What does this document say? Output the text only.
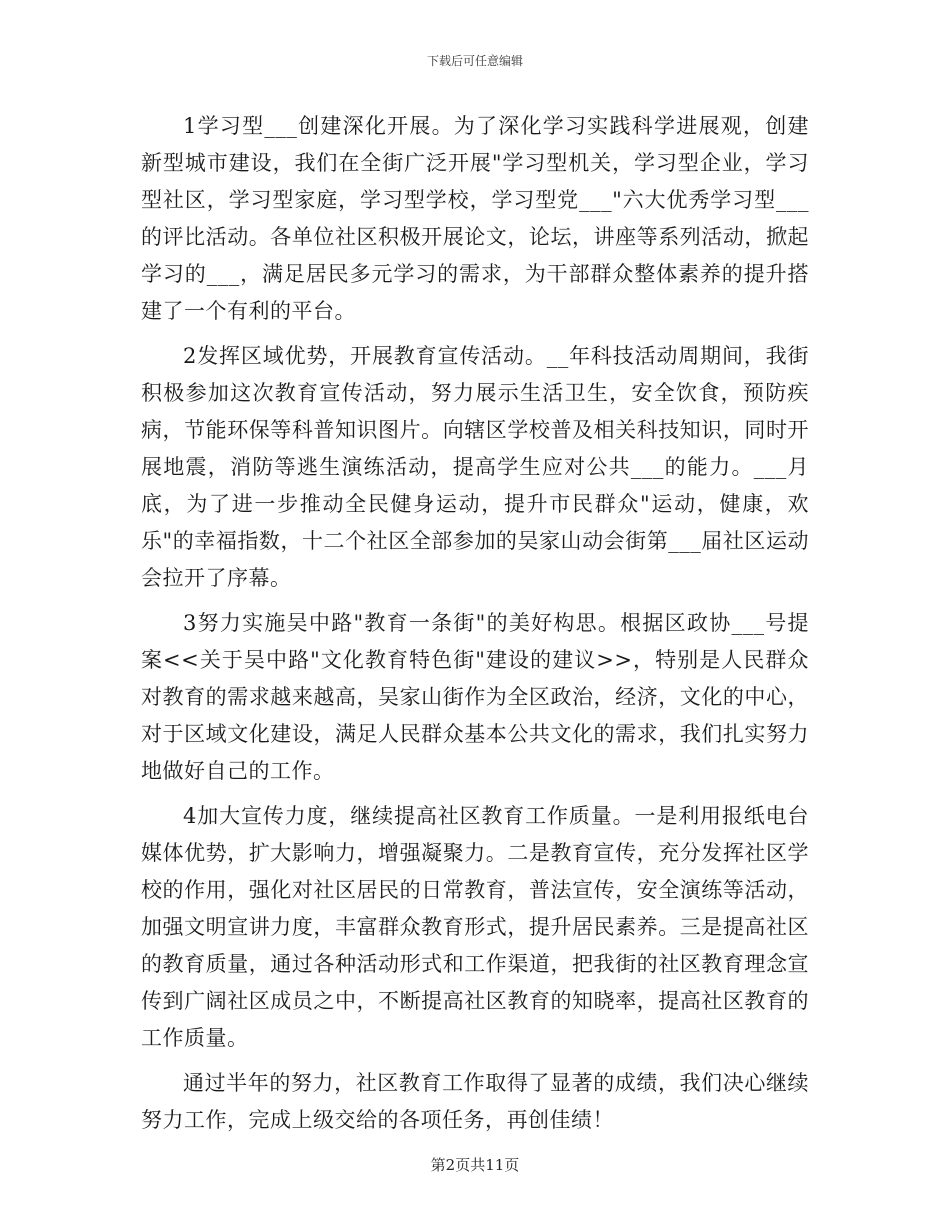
下载后可任意编辑

1学习型___创建深化开展。为了深化学习实践科学进展观，创建新型城市建设，我们在全街广泛开展"学习型机关，学习型企业，学习型社区，学习型家庭，学习型学校，学习型党___"六大优秀学习型___的评比活动。各单位社区积极开展论文，论坛，讲座等系列活动，掀起学习的___，满足居民多元学习的需求，为干部群众整体素养的提升搭建了一个有利的平台。

2发挥区域优势，开展教育宣传活动。__年科技活动周期间，我街积极参加这次教育宣传活动，努力展示生活卫生，安全饮食，预防疾病，节能环保等科普知识图片。向辖区学校普及相关科技知识，同时开展地震，消防等逃生演练活动，提高学生应对公共___的能力。___月底，为了进一步推动全民健身运动，提升市民群众"运动，健康，欢乐"的幸福指数，十二个社区全部参加的吴家山动会街第___届社区运动会拉开了序幕。

3努力实施吴中路"教育一条街"的美好构思。根据区政协___号提案<<关于吴中路"文化教育特色街"建设的建议>>，特别是人民群众对教育的需求越来越高，吴家山街作为全区政治，经济，文化的中心，对于区域文化建设，满足人民群众基本公共文化的需求，我们扎实努力地做好自己的工作。

4加大宣传力度，继续提高社区教育工作质量。一是利用报纸电台媒体优势，扩大影响力，增强凝聚力。二是教育宣传，充分发挥社区学校的作用，强化对社区居民的日常教育，普法宣传，安全演练等活动，加强文明宣讲力度，丰富群众教育形式，提升居民素养。三是提高社区的教育质量，通过各种活动形式和工作渠道，把我街的社区教育理念宣传到广阔社区成员之中，不断提高社区教育的知晓率，提高社区教育的工作质量。

通过半年的努力，社区教育工作取得了显著的成绩，我们决心继续努力工作，完成上级交给的各项任务，再创佳绩！

第2页共11页
